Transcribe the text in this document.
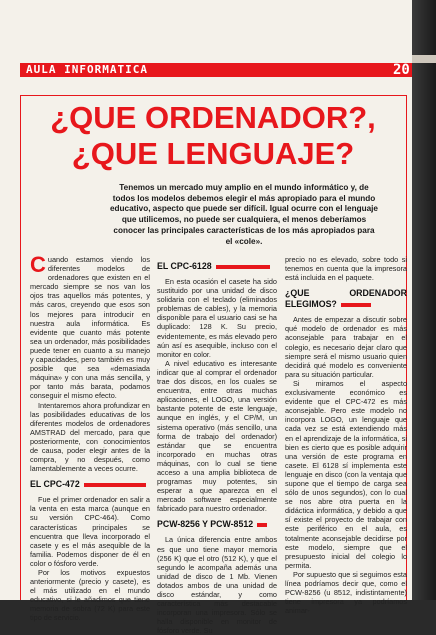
AULA INFORMATICA	20
¿QUE ORDENADOR?,
¿QUE LENGUAJE?

Tenemos un mercado muy amplio en el mundo informático y, de todos los modelos debemos elegir el más apropiado para el mundo educativo, aspecto que puede ser difícil. Igual ocurre con el lenguaje que utilicemos, no puede ser cualquiera, el menos deberíamos conocer las principales características de los más apropiados para el «cole».

Cuando estamos viendo los diferentes modelos de ordenadores que existen en el mercado siempre se nos van los ojos tras aquellos más potentes, y más caros, creyendo que esos son los mejores para introducir en nuestra aula informática. Es evidente que cuanto más potente sea un ordenador, más posibilidades puede tener en cuanto a su manejo y capacidades, pero también es muy posible que sea «demasiada máquina» y con una más sencilla, y por tanto más barata, podamos conseguir el mismo efecto.

Intentaremos ahora profundizar en las posibilidades educativas de los diferentes modelos de ordenadores AMSTRAD del mercado, para que posteriormente, con conocimientos de causa, poder elegir antes de la compra, y no después, como lamentablemente a veces ocurre.

EL CPC-472

Fue el primer ordenador en salir a la venta en esta marca (aunque en su versión CPC-464). Como características principales se encuentra que lleva incorporado el casete y es el más asequible de la familia. Podemos disponer de él en color o fósforo verde.

Por los motivos expuestos anteriormente (precio y casete), es el más utilizado en el mundo educativo, si le añadimos que tiene memoria de sobra (72 K) para este tipo de servicio.

EL CPC-6128

En esta ocasión el casete ha sido sustituido por una unidad de disco solidaria con el teclado (eliminados problemas de cables), y la memoria disponible para el usuario casi se ha duplicado: 128 K. Su precio, evidentemente, es más elevado pero aún así es asequible, incluso con el monitor en color.

A nivel educativo es interesante indicar que al comprar el ordenador trae dos discos, en los cuales se encuentra, entre otras muchas aplicaciones, el LOGO, una versión bastante potente de este lenguaje, aunque en inglés, y el CP/M, un sistema operativo (más sencillo, una forma de trabajo del ordenador) estándar que se encuentra incorporado en muchas otras máquinas, con lo cual se tiene acceso a una amplia biblioteca de programas muy potentes, sin esperar a que aparezca en el mercado software especialmente fabricado para nuestro ordenador.

PCW-8256 Y PCW-8512

La única diferencia entre ambos es que uno tiene mayor memoria (256 K) que el otro (512 K), y que el segundo le acompaña además una unidad de disco de 1 Mb. Vienen dotados ambos de una unidad de disco estándar, y como característica más destacable incorporan una impresora. Sólo se halla disponible en monitor de fósforo verde. Su

precio no es elevado, sobre todo si tenemos en cuenta que la impresora está incluida en el paquete.

¿QUE ORDENADOR ELEGIMOS?

Antes de empezar a discutir sobre qué modelo de ordenador es más aconsejable para trabajar en el colegio, es necesario dejar claro que siempre será el mismo usuario quien decidirá qué modelo es conveniente para su situación particular.

Si miramos el aspecto exclusivamente económico es evidente que el CPC-472 es más aconsejable. Pero este modelo no incorpora LOGO, un lenguaje que cada vez se está extendiendo más en el aprendizaje de la informática, si bien es cierto que es posible adquirir una versión de este programa en casete. El 6128 sí implementa este lenguaje en disco (con la ventaja que supone que el tiempo de carga sea sólo de unos segundos), con lo cual se nos abre otra puerta en la didáctica informática, y debido a que sí existe el proyecto de trabajar con este periférico en el aula, es totalmente aconsejable decidirse por este modelo, siempre que el presupuesto inicial del colegio lo permita.

Por supuesto que si seguimos esta línea podríamos decir que, como el PCW-8256 (u 8512, indistintamente) tiene impresora ya podríamos animar-
